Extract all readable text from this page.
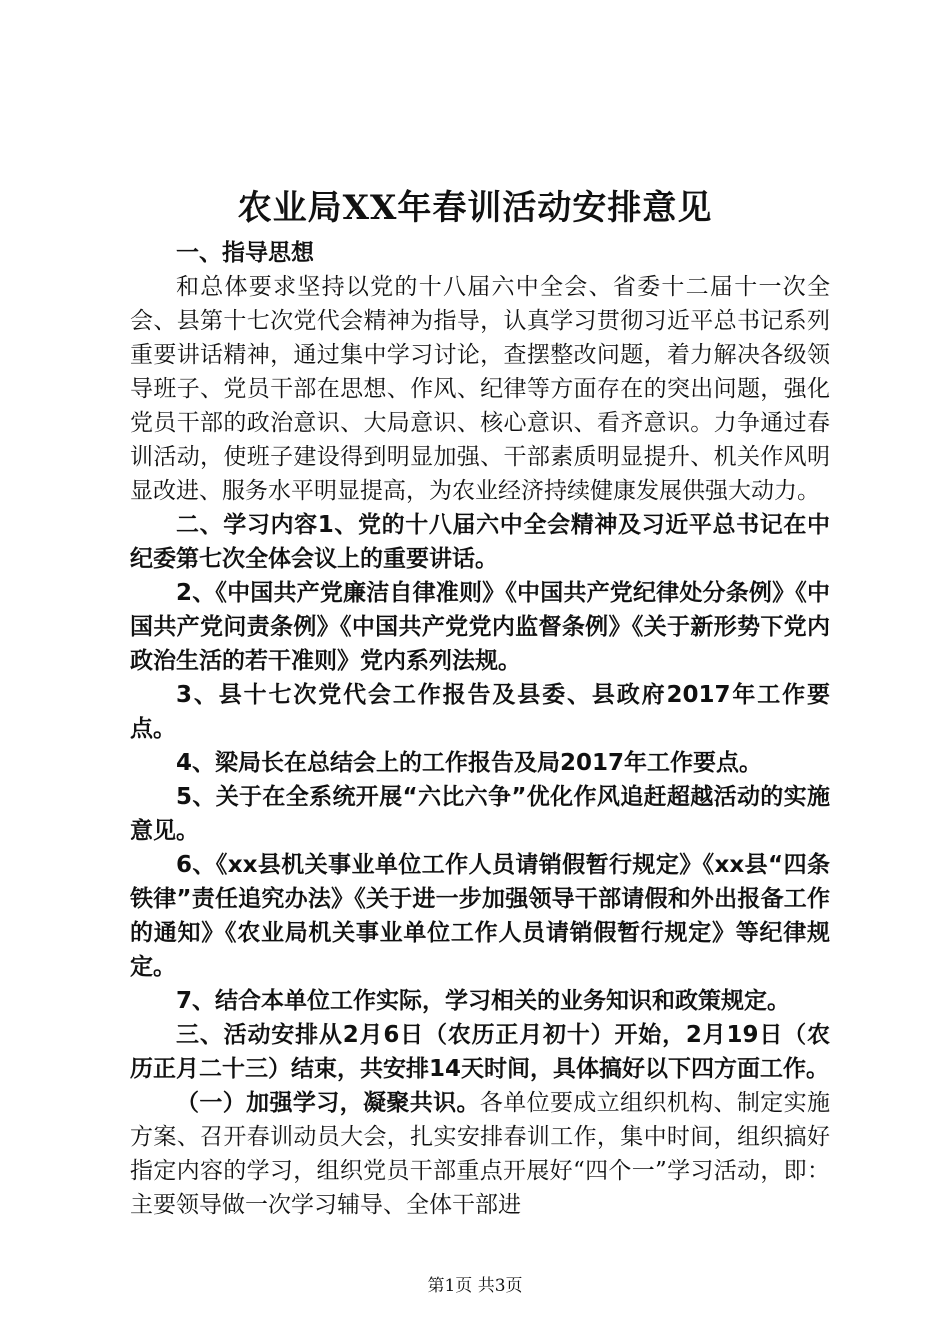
农业局XX年春训活动安排意见

一、指导思想

和总体要求坚持以党的十八届六中全会、省委十二届十一次全会、县第十七次党代会精神为指导，认真学习贯彻习近平总书记系列重要讲话精神，通过集中学习讨论，查摆整改问题，着力解决各级领导班子、党员干部在思想、作风、纪律等方面存在的突出问题，强化党员干部的政治意识、大局意识、核心意识、看齐意识。力争通过春训活动，使班子建设得到明显加强、干部素质明显提升、机关作风明显改进、服务水平明显提高，为农业经济持续健康发展供强大动力。

二、学习内容1、党的十八届六中全会精神及习近平总书记在中纪委第七次全体会议上的重要讲话。

2、《中国共产党廉洁自律准则》《中国共产党纪律处分条例》《中国共产党问责条例》《中国共产党党内监督条例》《关于新形势下党内政治生活的若干准则》党内系列法规。

3、县十七次党代会工作报告及县委、县政府2017年工作要点。

4、梁局长在总结会上的工作报告及局2017年工作要点。

5、关于在全系统开展“六比六争”优化作风追赶超越活动的实施意见。

6、《xx县机关事业单位工作人员请销假暂行规定》《xx县“四条铁律”责任追究办法》《关于进一步加强领导干部请假和外出报备工作的通知》《农业局机关事业单位工作人员请销假暂行规定》等纪律规定。

7、结合本单位工作实际，学习相关的业务知识和政策规定。

三、活动安排从2月6日（农历正月初十）开始，2月19日（农历正月二十三）结束，共安排14天时间，具体搞好以下四方面工作。

（一）加强学习，凝聚共识。各单位要成立组织机构、制定实施方案、召开春训动员大会，扎实安排春训工作，集中时间，组织搞好指定内容的学习，组织党员干部重点开展好“四个一”学习活动，即：主要领导做一次学习辅导、全体干部进

第1页 共3页
